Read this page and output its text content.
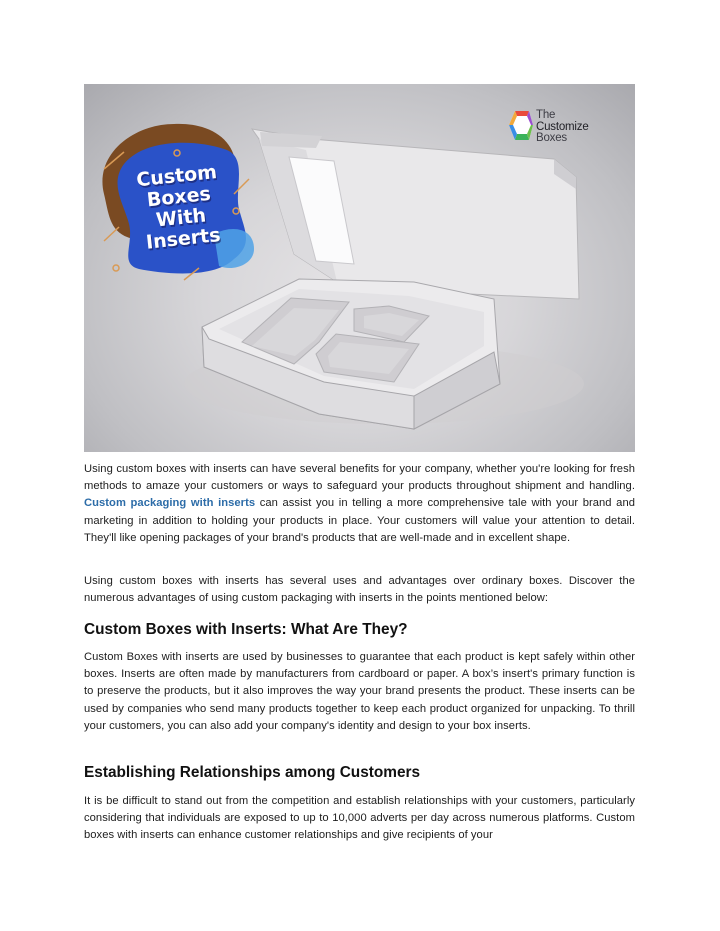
Custom
Boxes
With
Inserts
The
Customize
Boxes

Using custom boxes with inserts can have several benefits for your company, whether you're looking for fresh methods to amaze your customers or ways to safeguard your products throughout shipment and handling. Custom packaging with inserts can assist you in telling a more comprehensive tale with your brand and marketing in addition to holding your products in place. Your customers will value your attention to detail. They'll like opening packages of your brand's products that are well-made and in excellent shape.

Using custom boxes with inserts has several uses and advantages over ordinary boxes. Discover the numerous advantages of using custom packaging with inserts in the points mentioned below:

Custom Boxes with Inserts: What Are They?

Custom Boxes with inserts are used by businesses to guarantee that each product is kept safely within other boxes. Inserts are often made by manufacturers from cardboard or paper. A box’s insert's primary function is to preserve the products, but it also improves the way your brand presents the product. These inserts can be used by companies who send many products together to keep each product organized for unpacking. To thrill your customers, you can also add your company's identity and design to your box inserts.

Establishing Relationships among Customers

It is be difficult to stand out from the competition and establish relationships with your customers, particularly considering that individuals are exposed to up to 10,000 adverts per day across numerous platforms. Custom boxes with inserts can enhance customer relationships and give recipients of your
